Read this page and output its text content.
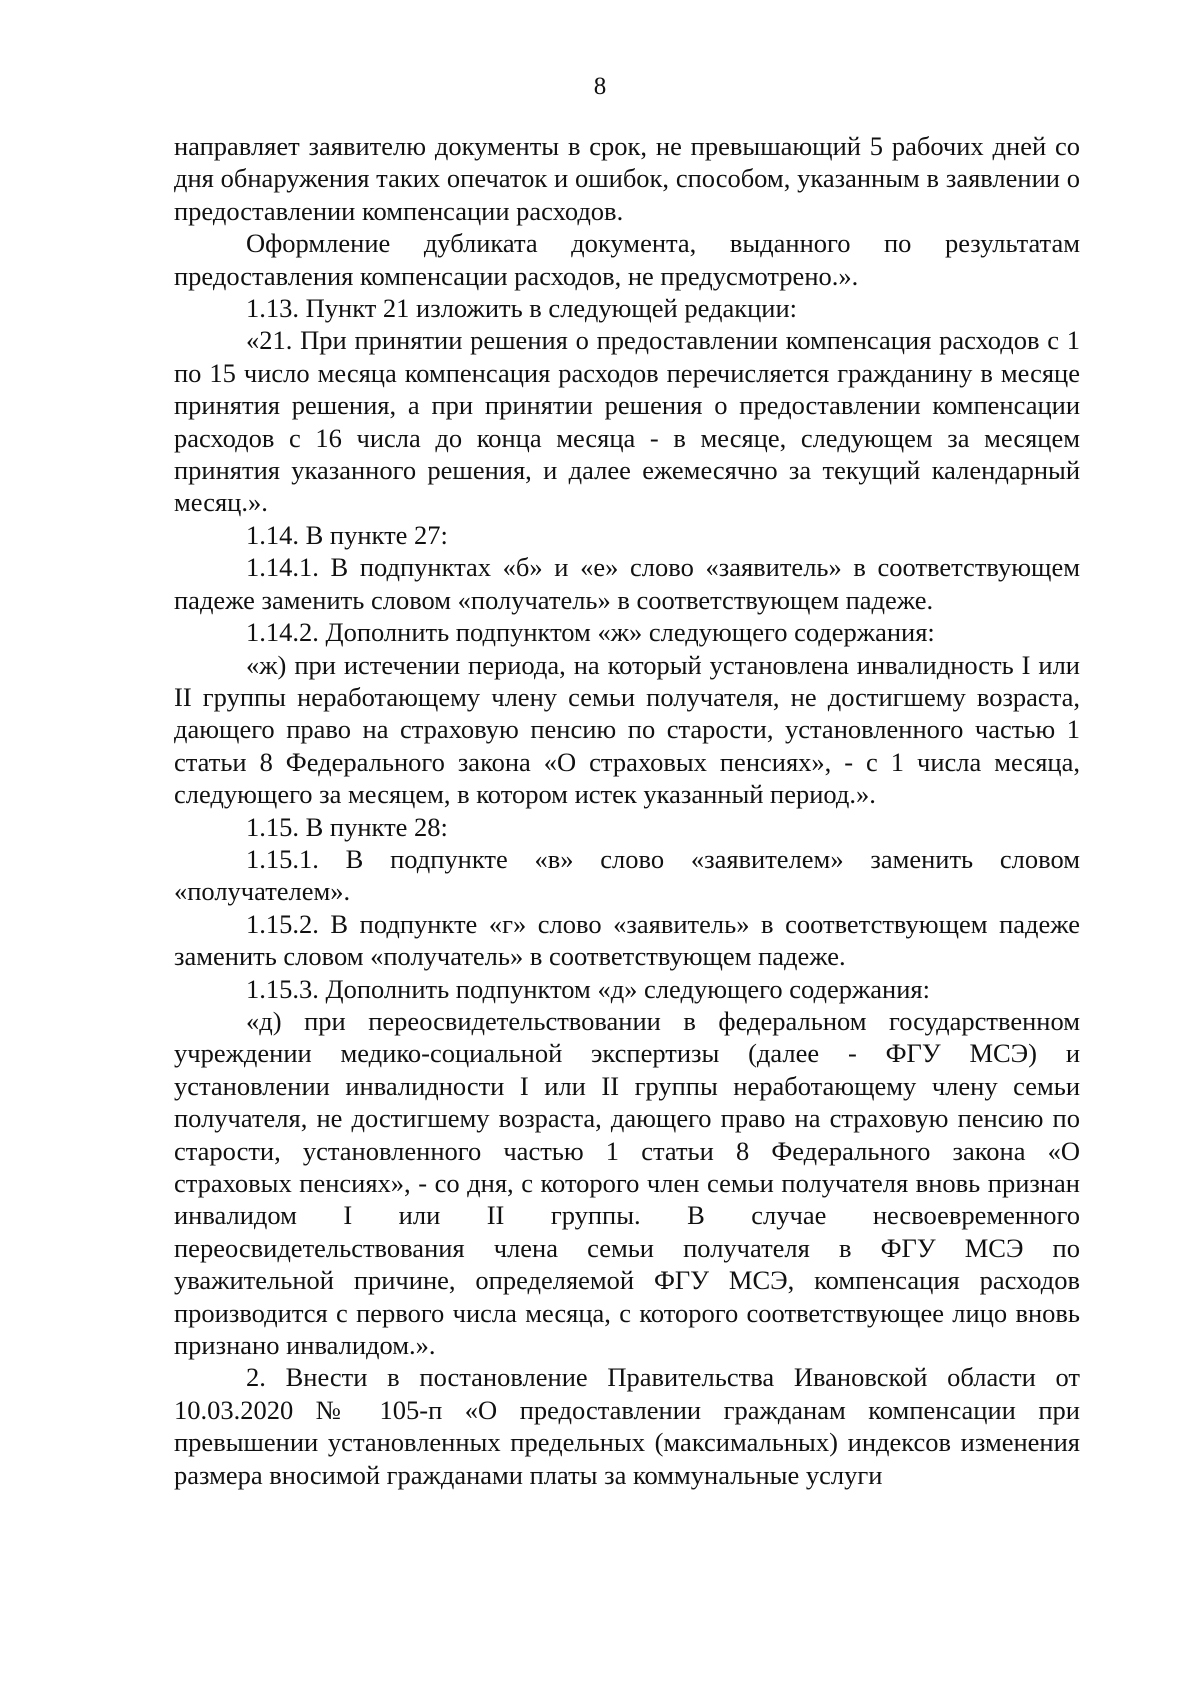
8

направляет заявителю документы в срок, не превышающий 5 рабочих дней со дня обнаружения таких опечаток и ошибок, способом, указанным в заявлении о предоставлении компенсации расходов.

Оформление дубликата документа, выданного по результатам предоставления компенсации расходов, не предусмотрено.».

1.13. Пункт 21 изложить в следующей редакции:

«21. При принятии решения о предоставлении компенсация расходов с 1 по 15 число месяца компенсация расходов перечисляется гражданину в месяце принятия решения, а при принятии решения о предоставлении компенсации расходов с 16 числа до конца месяца - в месяце, следующем за месяцем принятия указанного решения, и далее ежемесячно за текущий календарный месяц.».

1.14. В пункте 27:

1.14.1. В подпунктах «б» и «е» слово «заявитель» в соответствующем падеже заменить словом «получатель» в соответствующем падеже.

1.14.2. Дополнить подпунктом «ж» следующего содержания:

«ж) при истечении периода, на который установлена инвалидность I или II группы неработающему члену семьи получателя, не достигшему возраста, дающего право на страховую пенсию по старости, установленного частью 1 статьи 8 Федерального закона «О страховых пенсиях», - с 1 числа месяца, следующего за месяцем, в котором истек указанный период.».

1.15. В пункте 28:

1.15.1. В подпункте «в» слово «заявителем» заменить словом «получателем».

1.15.2. В подпункте «г» слово «заявитель» в соответствующем падеже заменить словом «получатель» в соответствующем падеже.

1.15.3. Дополнить подпунктом «д» следующего содержания:

«д) при переосвидетельствовании в федеральном государственном учреждении медико-социальной экспертизы (далее - ФГУ МСЭ) и установлении инвалидности I или II группы неработающему члену семьи получателя, не достигшему возраста, дающего право на страховую пенсию по старости, установленного частью 1 статьи 8 Федерального закона «О страховых пенсиях», - со дня, с которого член семьи получателя вновь признан инвалидом I или II группы. В случае несвоевременного переосвидетельствования члена семьи получателя в ФГУ МСЭ по уважительной причине, определяемой ФГУ МСЭ, компенсация расходов производится с первого числа месяца, с которого соответствующее лицо вновь признано инвалидом.».

2. Внести в постановление Правительства Ивановской области от 10.03.2020 № 105-п «О предоставлении гражданам компенсации при превышении установленных предельных (максимальных) индексов изменения размера вносимой гражданами платы за коммунальные услуги
